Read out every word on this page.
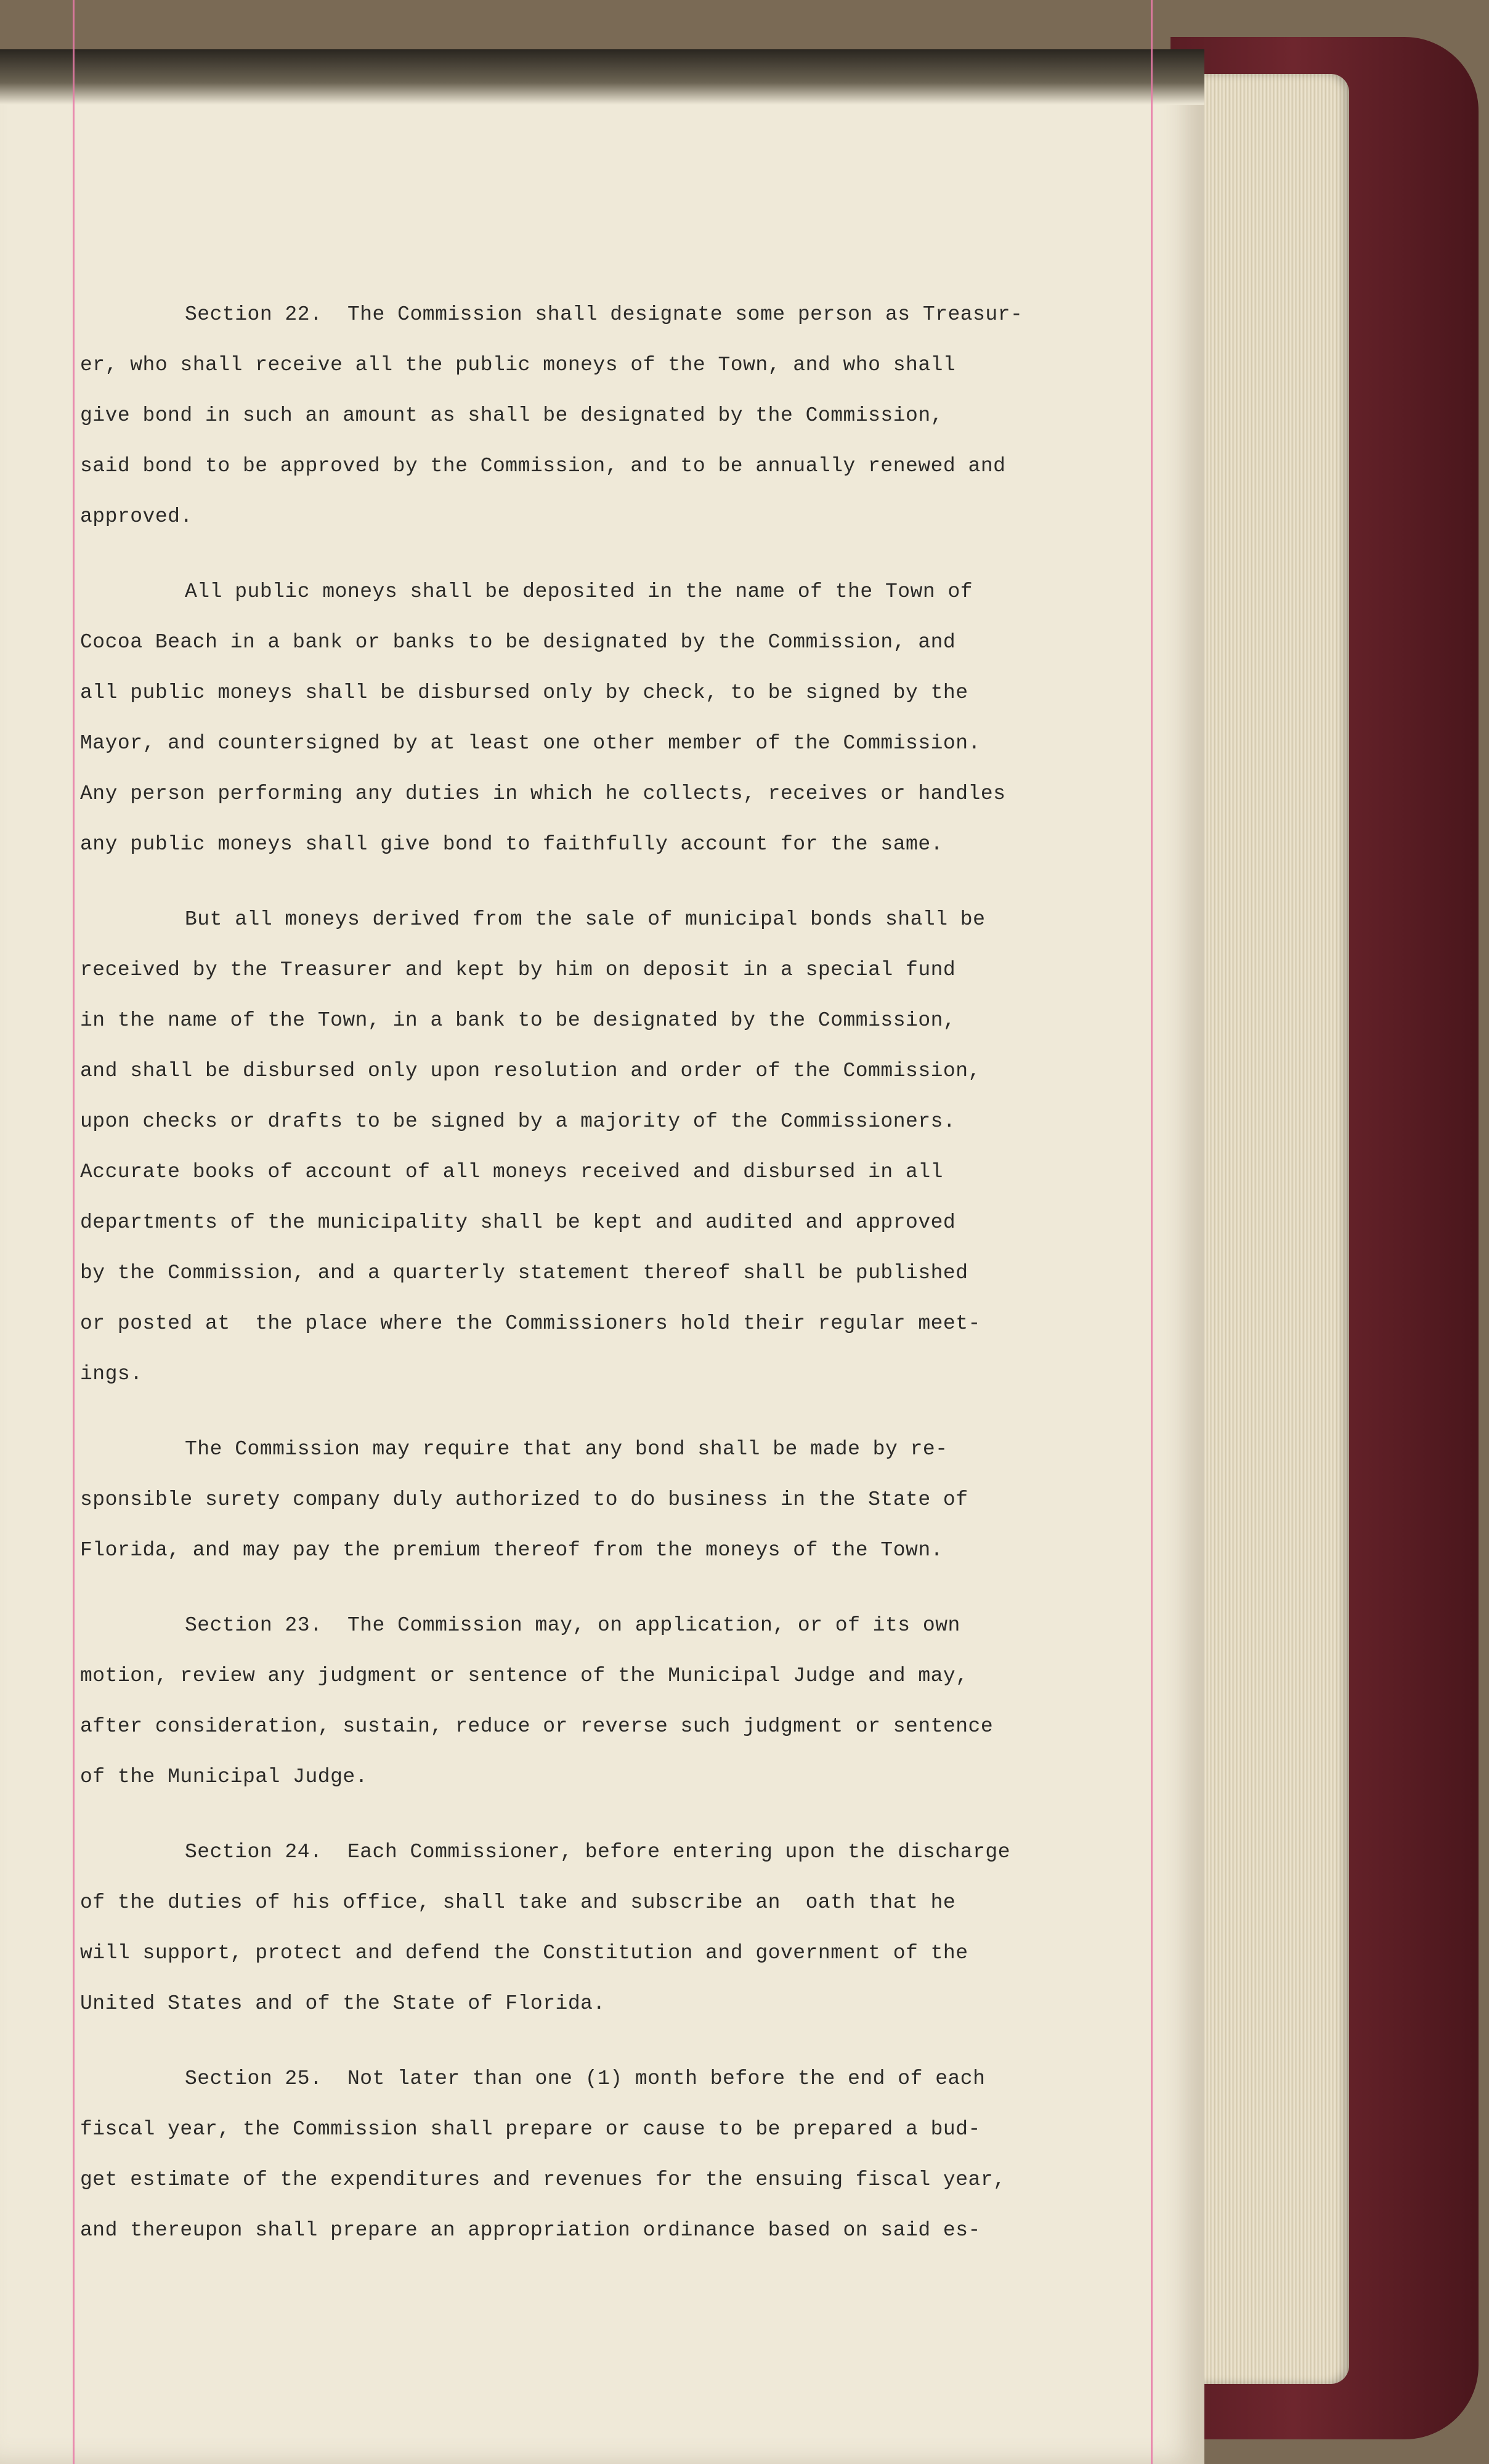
Section 22.  The Commission shall designate some person as Treasur-
er, who shall receive all the public moneys of the Town, and who shall
give bond in such an amount as shall be designated by the Commission,
said bond to be approved by the Commission, and to be annually renewed and
approved.
All public moneys shall be deposited in the name of the Town of
Cocoa Beach in a bank or banks to be designated by the Commission, and
all public moneys shall be disbursed only by check, to be signed by the
Mayor, and countersigned by at least one other member of the Commission.
Any person performing any duties in which he collects, receives or handles
any public moneys shall give bond to faithfully account for the same.
But all moneys derived from the sale of municipal bonds shall be
received by the Treasurer and kept by him on deposit in a special fund
in the name of the Town, in a bank to be designated by the Commission,
and shall be disbursed only upon resolution and order of the Commission,
upon checks or drafts to be signed by a majority of the Commissioners.
Accurate books of account of all moneys received and disbursed in all
departments of the municipality shall be kept and audited and approved
by the Commission, and a quarterly statement thereof shall be published
or posted at  the place where the Commissioners hold their regular meet-
ings.
The Commission may require that any bond shall be made by re-
sponsible surety company duly authorized to do business in the State of
Florida, and may pay the premium thereof from the moneys of the Town.
Section 23.  The Commission may, on application, or of its own
motion, review any judgment or sentence of the Municipal Judge and may,
after consideration, sustain, reduce or reverse such judgment or sentence
of the Municipal Judge.
Section 24.  Each Commissioner, before entering upon the discharge
of the duties of his office, shall take and subscribe an  oath that he
will support, protect and defend the Constitution and government of the
United States and of the State of Florida.
Section 25.  Not later than one (1) month before the end of each
fiscal year, the Commission shall prepare or cause to be prepared a bud-
get estimate of the expenditures and revenues for the ensuing fiscal year,
and thereupon shall prepare an appropriation ordinance based on said es-
